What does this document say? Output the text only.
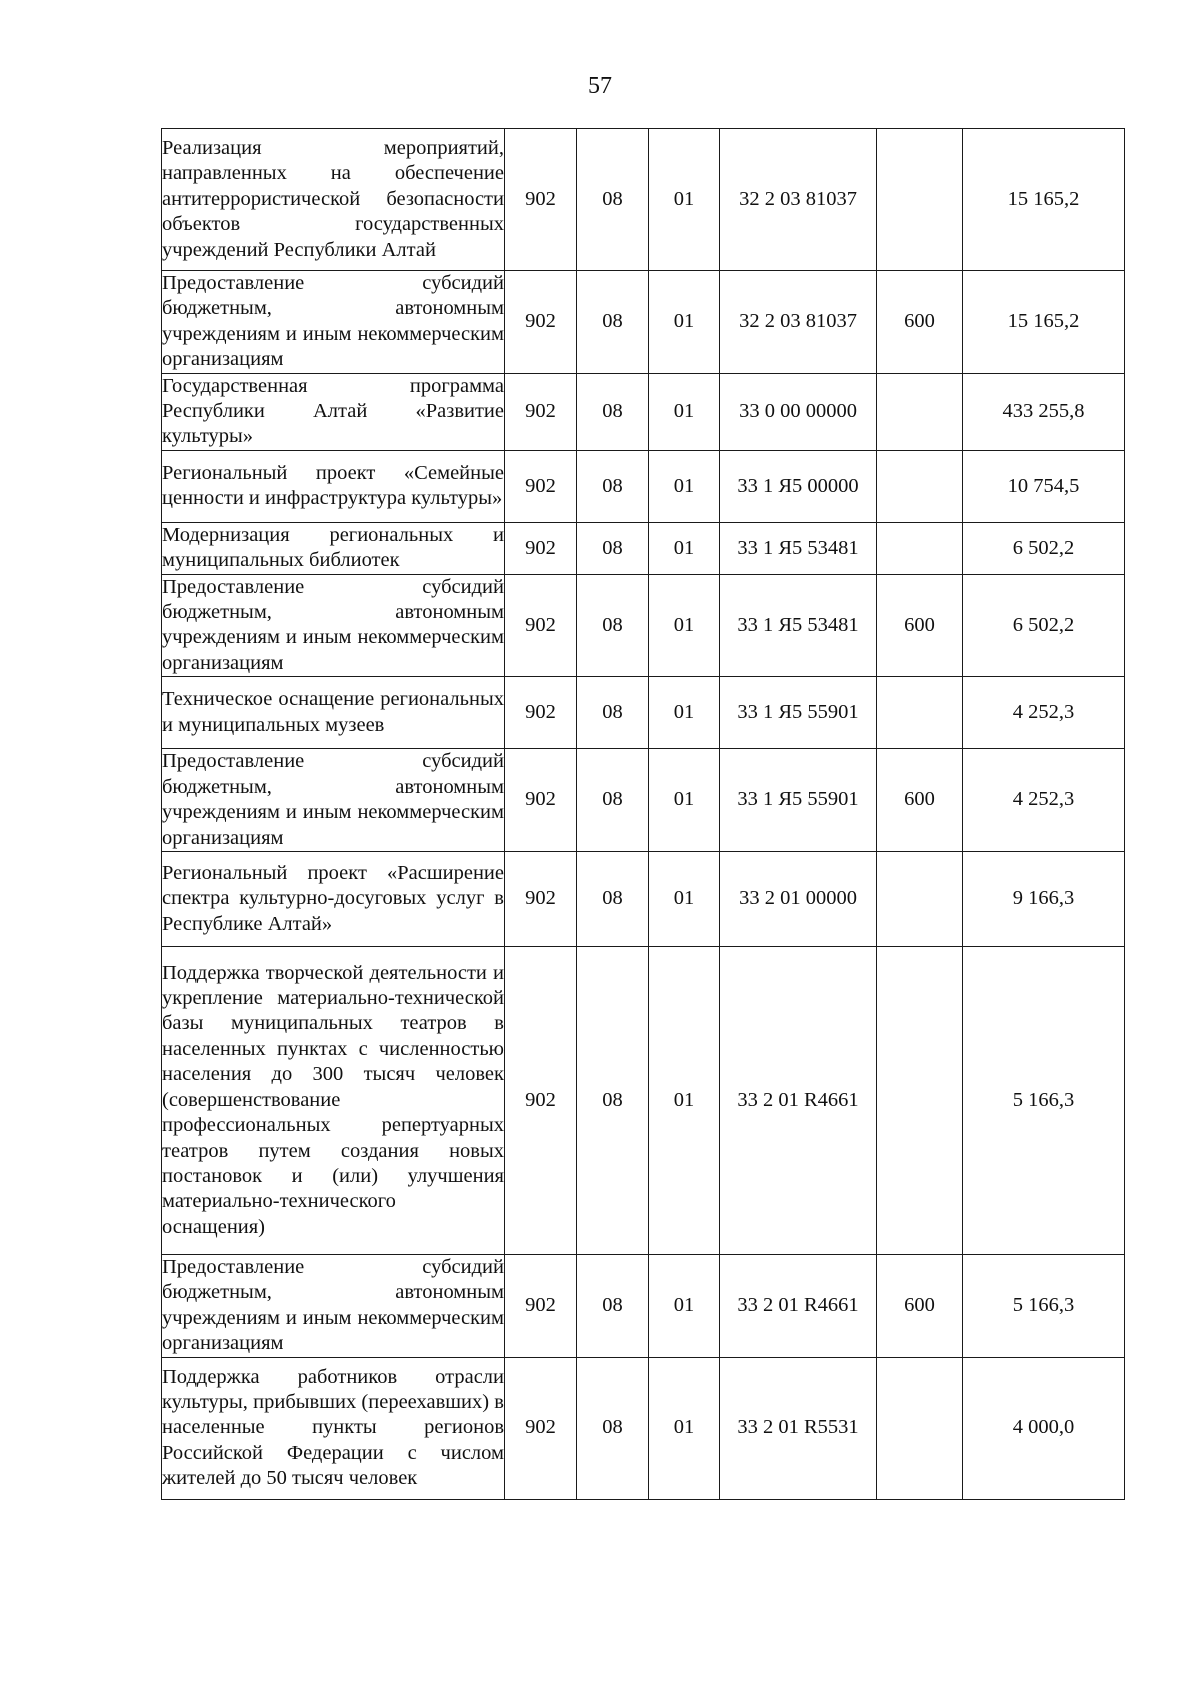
57
Реализация мероприятий, направленных на обеспечение антитеррористической безопасности объектов государственных учреждений Республики Алтай	902	08	01	32 2 03 81037		15 165,2
Предоставление субсидий бюджетным, автономным учреждениям и иным некоммерческим организациям	902	08	01	32 2 03 81037	600	15 165,2
Государственная программа Республики Алтай «Развитие культуры»	902	08	01	33 0 00 00000		433 255,8
Региональный проект «Семейные ценности и инфраструктура культуры»	902	08	01	33 1 Я5 00000		10 754,5
Модернизация региональных и муниципальных библиотек	902	08	01	33 1 Я5 53481		6 502,2
Предоставление субсидий бюджетным, автономным учреждениям и иным некоммерческим организациям	902	08	01	33 1 Я5 53481	600	6 502,2
Техническое оснащение региональных и муниципальных музеев	902	08	01	33 1 Я5 55901		4 252,3
Предоставление субсидий бюджетным, автономным учреждениям и иным некоммерческим организациям	902	08	01	33 1 Я5 55901	600	4 252,3
Региональный проект «Расширение спектра культурно-досуговых услуг в Республике Алтай»	902	08	01	33 2 01 00000		9 166,3
Поддержка творческой деятельности и укрепление материально-технической базы муниципальных театров в населенных пунктах с численностью населения до 300 тысяч человек (совершенствование профессиональных репертуарных театров путем создания новых постановок и (или) улучшения материально-технического оснащения)	902	08	01	33 2 01 R4661		5 166,3
Предоставление субсидий бюджетным, автономным учреждениям и иным некоммерческим организациям	902	08	01	33 2 01 R4661	600	5 166,3
Поддержка работников отрасли культуры, прибывших (переехавших) в населенные пункты регионов Российской Федерации с числом жителей до 50 тысяч человек	902	08	01	33 2 01 R5531		4 000,0
